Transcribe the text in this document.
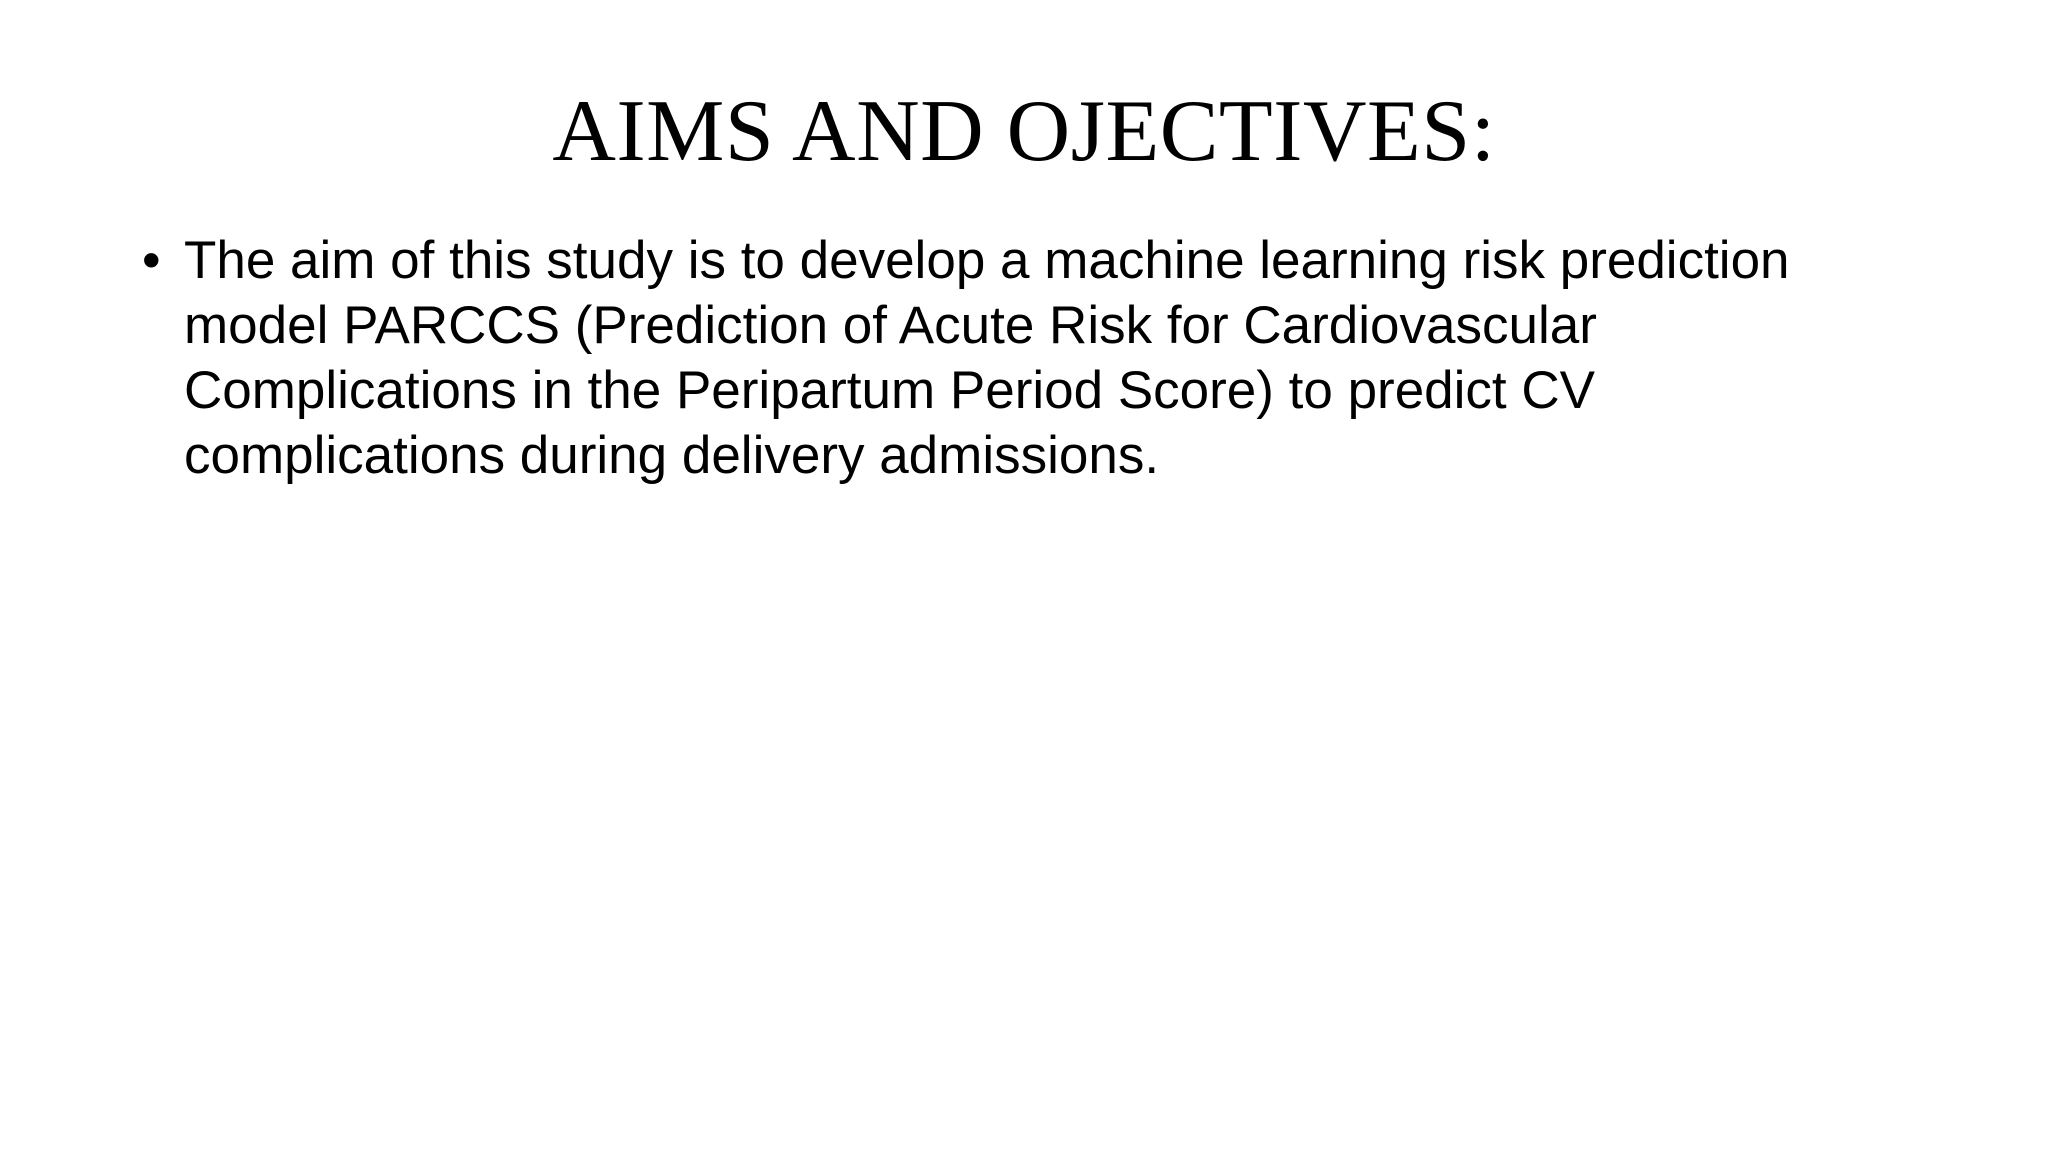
AIMS AND OJECTIVES:
• The aim of this study is to develop a machine learning risk prediction model PARCCS (Prediction of Acute Risk for Cardiovascular Complications in the Peripartum Period Score) to predict CV complications during delivery admissions.
